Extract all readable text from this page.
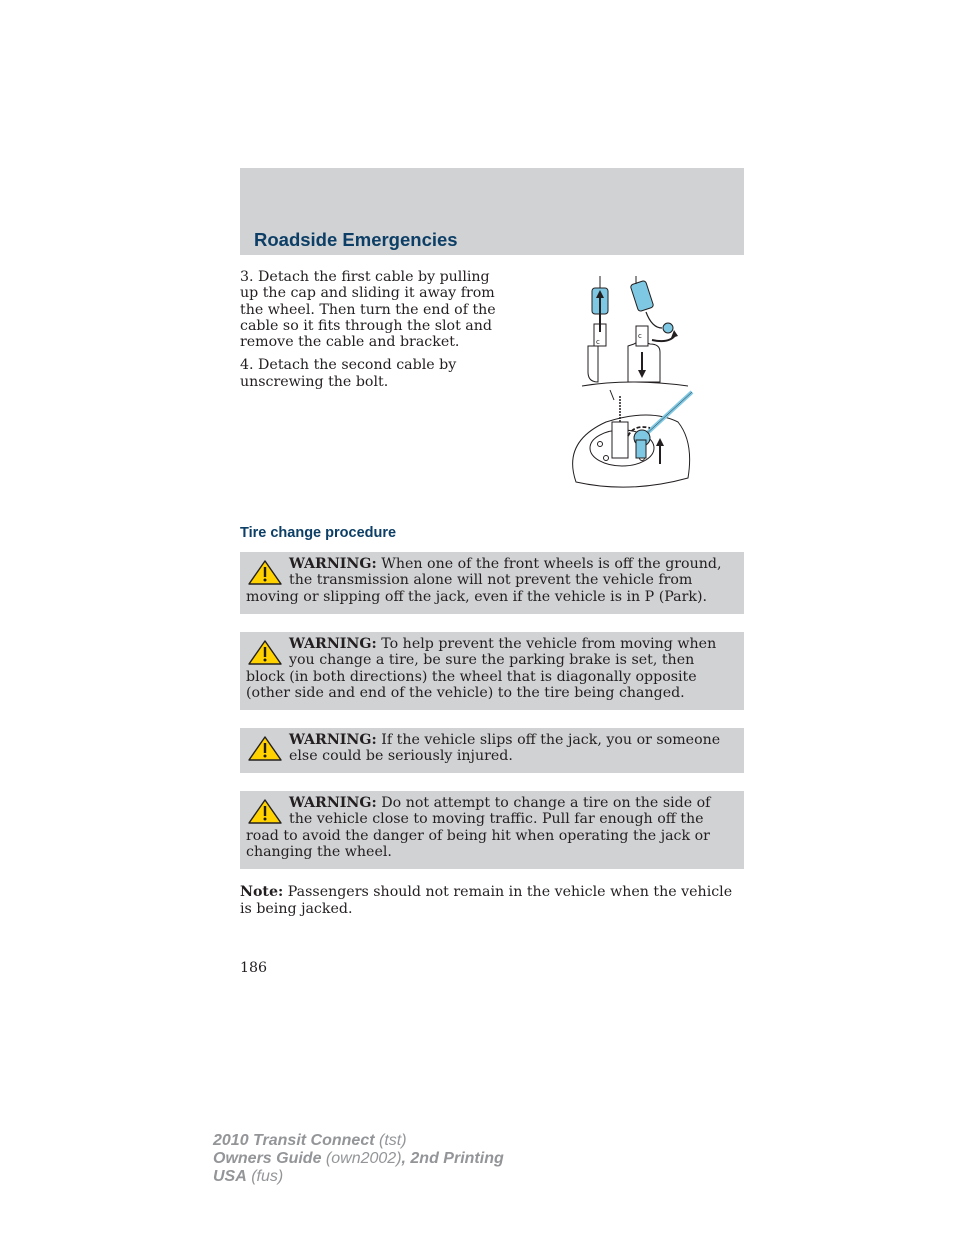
Roadside Emergencies

3. Detach the first cable by pulling up the cap and sliding it away from the wheel. Then turn the end of the cable so it fits through the slot and remove the cable and bracket.

4. Detach the second cable by unscrewing the bolt.

c
c
Tire change procedure
WARNING: When one of the front wheels is off the ground, the transmission alone will not prevent the vehicle from moving or slipping off the jack, even if the vehicle is in P (Park).
WARNING: To help prevent the vehicle from moving when you change a tire, be sure the parking brake is set, then block (in both directions) the wheel that is diagonally opposite (other side and end of the vehicle) to the tire being changed.
WARNING: If the vehicle slips off the jack, you or someone else could be seriously injured.
WARNING: Do not attempt to change a tire on the side of the vehicle close to moving traffic. Pull far enough off the road to avoid the danger of being hit when operating the jack or changing the wheel.

Note: Passengers should not remain in the vehicle when the vehicle is being jacked.

186

2010 Transit Connect (tst)
Owners Guide (own2002), 2nd Printing
USA (fus)
